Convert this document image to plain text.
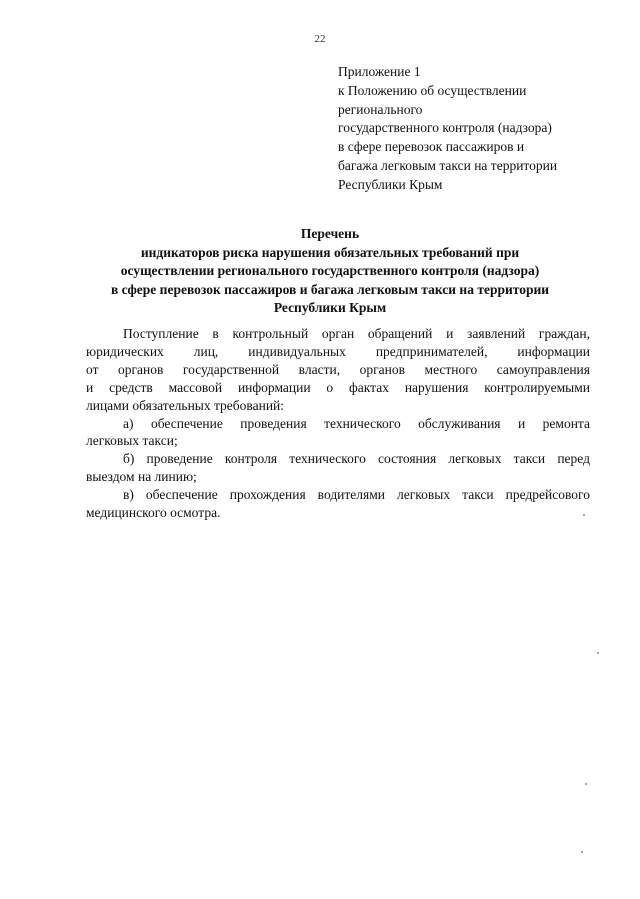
22
Приложение 1
к Положению об осуществлении
регионального
государственного контроля (надзора)
в сфере перевозок пассажиров и
багажа легковым такси на территории
Республики Крым
Перечень
индикаторов риска нарушения обязательных требований при
осуществлении регионального государственного контроля (надзора)
в сфере перевозок пассажиров и багажа легковым такси на территории
Республики Крым
Поступление в контрольный орган обращений и заявлений граждан,
юридических лиц, индивидуальных предпринимателей, информации
от органов государственной власти, органов местного самоуправления
и средств массовой информации о фактах нарушения контролируемыми
лицами обязательных требований:
а) обеспечение проведения технического обслуживания и ремонта
легковых такси;
б) проведение контроля технического состояния легковых такси перед
выездом на линию;
в) обеспечение прохождения водителями легковых такси предрейсового
медицинского осмотра.
